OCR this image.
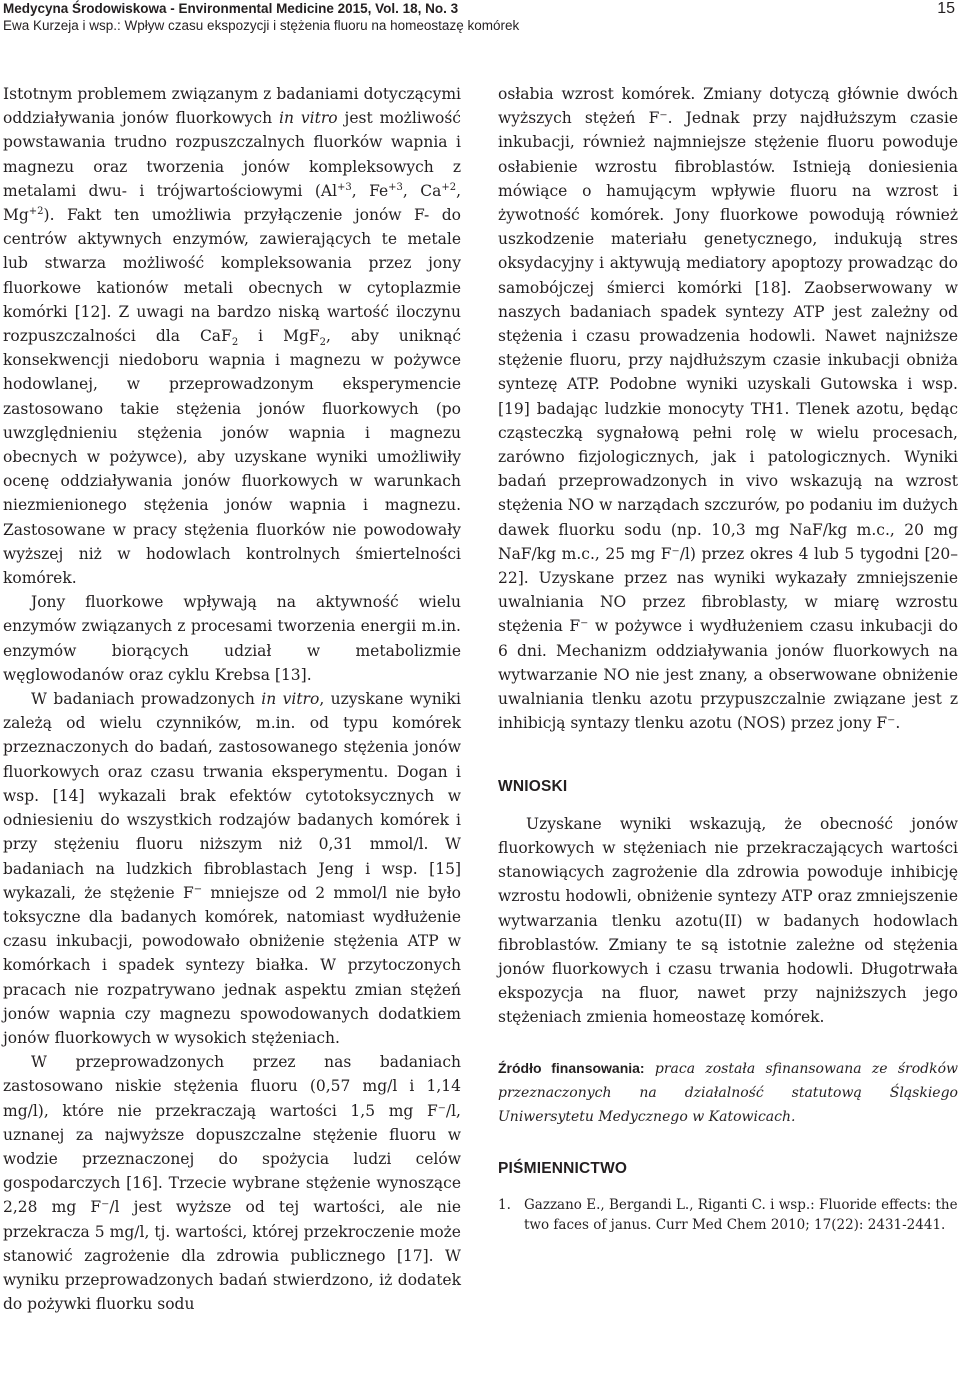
Medycyna Środowiskowa - Environmental Medicine 2015, Vol. 18, No. 3
Ewa Kurzeja i wsp.: Wpływ czasu ekspozycji i stężenia fluoru na homeostazę komórek
15

Istotnym problemem związanym z badaniami dotyczącymi oddziaływania jonów fluorkowych in vitro jest możliwość powstawania trudno rozpuszczalnych fluorków wapnia i magnezu oraz tworzenia jonów kompleksowych z metalami dwu- i trójwartościowymi ($Al^{+3}$, $Fe^{+3}$, $Ca^{+2}$, $Mg^{+2}$). Fakt ten umożliwia przyłączenie jonów F- do centrów aktywnych enzymów, zawierających te metale lub stwarza możliwość kompleksowania przez jony fluorkowe kationów metali obecnych w cytoplazmie komórki [12]. Z uwagi na bardzo niską wartość iloczynu rozpuszczalności dla CaF$_2$ i MgF$_2$, aby uniknąć konsekwencji niedoboru wapnia i magnezu w pożywce hodowlanej, w przeprowadzonym eksperymencie zastosowano takie stężenia jonów fluorkowych (po uwzględnieniu stężenia jonów wapnia i magnezu obecnych w pożywce), aby uzyskane wyniki umożliwiły ocenę oddziaływania jonów fluorkowych w warunkach niezmienionego stężenia jonów wapnia i magnezu. Zastosowane w pracy stężenia fluorków nie powodowały wyższej niż w hodowlach kontrolnych śmiertelności komórek.

Jony fluorkowe wpływają na aktywność wielu enzymów związanych z procesami tworzenia energii m.in. enzymów biorących udział w metabolizmie węglowodanów oraz cyklu Krebsa [13].

W badaniach prowadzonych in vitro, uzyskane wyniki zależą od wielu czynników, m.in. od typu komórek przeznaczonych do badań, zastosowanego stężenia jonów fluorkowych oraz czasu trwania eksperymentu. Dogan i wsp. [14] wykazali brak efektów cytotoksycznych w odniesieniu do wszystkich rodzajów badanych komórek i przy stężeniu fluoru niższym niż 0,31 mmol/l. W badaniach na ludzkich fibroblastach Jeng i wsp. [15] wykazali, że stężenie F− mniejsze od 2 mmol/l nie było toksyczne dla badanych komórek, natomiast wydłużenie czasu inkubacji, powodowało obniżenie stężenia ATP w komórkach i spadek syntezy białka. W przytoczonych pracach nie rozpatrywano jednak aspektu zmian stężeń jonów wapnia czy magnezu spowodowanych dodatkiem jonów fluorkowych w wysokich stężeniach.

W przeprowadzonych przez nas badaniach zastosowano niskie stężenia fluoru (0,57 mg/l i 1,14 mg/l), które nie przekraczają wartości 1,5 mg F⁻/l, uznanej za najwyższe dopuszczalne stężenie fluoru w wodzie przeznaczonej do spożycia ludzi celów gospodarczych [16]. Trzecie wybrane stężenie wynoszące 2,28 mg F⁻/l jest wyższe od tej wartości, ale nie przekracza 5 mg/l, tj. wartości, której przekroczenie może stanowić zagrożenie dla zdrowia publicznego [17]. W wyniku przeprowadzonych badań stwierdzono, iż dodatek do pożywki fluorku sodu

osłabia wzrost komórek. Zmiany dotyczą głównie dwóch wyższych stężeń F⁻. Jednak przy najdłuższym czasie inkubacji, również najmniejsze stężenie fluoru powoduje osłabienie wzrostu fibroblastów. Istnieją doniesienia mówiące o hamującym wpływie fluoru na wzrost i żywotność komórek. Jony fluorkowe powodują również uszkodzenie materiału genetycznego, indukują stres oksydacyjny i aktywują mediatory apoptozy prowadząc do samobójczej śmierci komórki [18]. Zaobserwowany w naszych badaniach spadek syntezy ATP jest zależny od stężenia i czasu prowadzenia hodowli. Nawet najniższe stężenie fluoru, przy najdłuższym czasie inkubacji obniża syntezę ATP. Podobne wyniki uzyskali Gutowska i wsp. [19] badając ludzkie monocyty TH1. Tlenek azotu, będąc cząsteczką sygnałową pełni rolę w wielu procesach, zarówno fizjologicznych, jak i patologicznych. Wyniki badań przeprowadzonych in vivo wskazują na wzrost stężenia NO w narządach szczurów, po podaniu im dużych dawek fluorku sodu (np. 10,3 mg NaF/kg m.c., 20 mg NaF/kg m.c., 25 mg F⁻/l) przez okres 4 lub 5 tygodni [20–22]. Uzyskane przez nas wyniki wykazały zmniejszenie uwalniania NO przez fibroblasty, w miarę wzrostu stężenia F⁻ w pożywce i wydłużeniem czasu inkubacji do 6 dni. Mechanizm oddziaływania jonów fluorkowych na wytwarzanie NO nie jest znany, a obserwowane obniżenie uwalniania tlenku azotu przypuszczalnie związane jest z inhibicją syntazy tlenku azotu (NOS) przez jony F⁻.

WNIOSKI

Uzyskane wyniki wskazują, że obecność jonów fluorkowych w stężeniach nie przekraczających wartości stanowiących zagrożenie dla zdrowia powoduje inhibicję wzrostu hodowli, obniżenie syntezy ATP oraz zmniejszenie wytwarzania tlenku azotu(II) w badanych hodowlach fibroblastów. Zmiany te są istotnie zależne od stężenia jonów fluorkowych i czasu trwania hodowli. Długotrwała ekspozycja na fluor, nawet przy najniższych jego stężeniach zmienia homeostazę komórek.

Źródło finansowania: praca została sfinansowana ze środków przeznaczonych na działalność statutową Śląskiego Uniwersytetu Medycznego w Katowicach.
PIŚMIENNICTWO
1. Gazzano E., Bergandi L., Riganti C. i wsp.: Fluoride effects: the two faces of janus. Curr Med Chem 2010; 17(22): 2431-2441.
